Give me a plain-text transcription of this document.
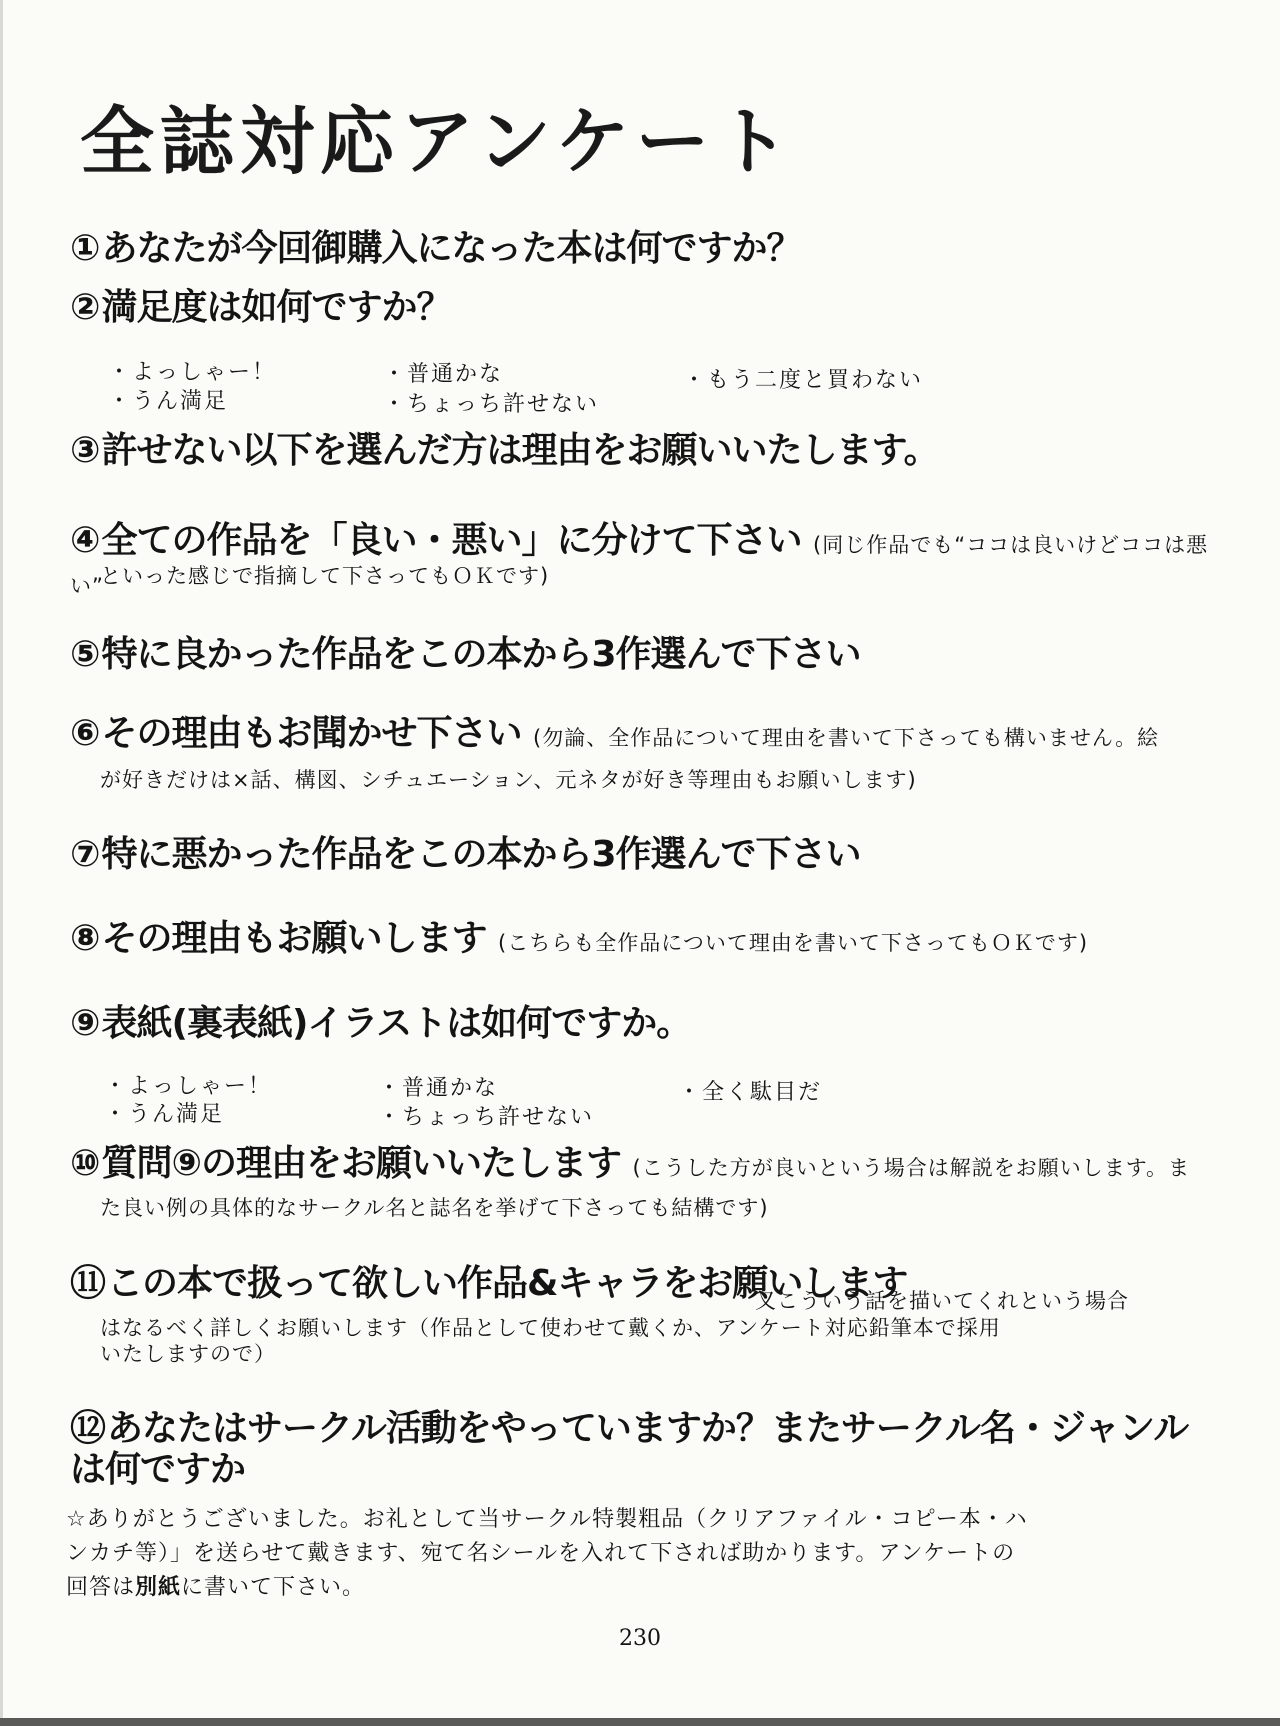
全誌対応アンケート
①あなたが今回御購入になった本は何ですか？
②満足度は如何ですか？
・よっしゃー！
・うん満足
・普通かな
・ちょっち許せない
・もう二度と買わない
③許せない以下を選んだ方は理由をお願いいたします。
④全ての作品を「良い・悪い」に分けて下さい (同じ作品でも“ココは良いけどココは悪い”
といった感じで指摘して下さってもＯＫです)
⑤特に良かった作品をこの本から3作選んで下さい
⑥その理由もお聞かせ下さい (勿論、全作品について理由を書いて下さっても構いません。絵
が好きだけは×話、構図、シチュエーション、元ネタが好き等理由もお願いします)
⑦特に悪かった作品をこの本から3作選んで下さい
⑧その理由もお願いします (こちらも全作品について理由を書いて下さってもＯＫです)
⑨表紙(裏表紙)イラストは如何ですか。
・よっしゃー！
・うん満足
・普通かな
・ちょっち許せない
・全く駄目だ
⑩質問⑨の理由をお願いいたします (こうした方が良いという場合は解説をお願いします。ま
た良い例の具体的なサークル名と誌名を挙げて下さっても結構です)
⑪この本で扱って欲しい作品&キャラをお願いします
又こういう話を描いてくれという場合
はなるべく詳しくお願いします（作品として使わせて戴くか、アンケート対応鉛筆本で採用
いたしますので）
⑫あなたはサークル活動をやっていますか？またサークル名・ジャンルは何ですか
☆ありがとうございました。お礼として当サークル特製粗品（クリアファイル・コピー本・ハ
ンカチ等）」を送らせて戴きます、宛て名シールを入れて下されば助かります。アンケートの
回答は別紙に書いて下さい。
230
